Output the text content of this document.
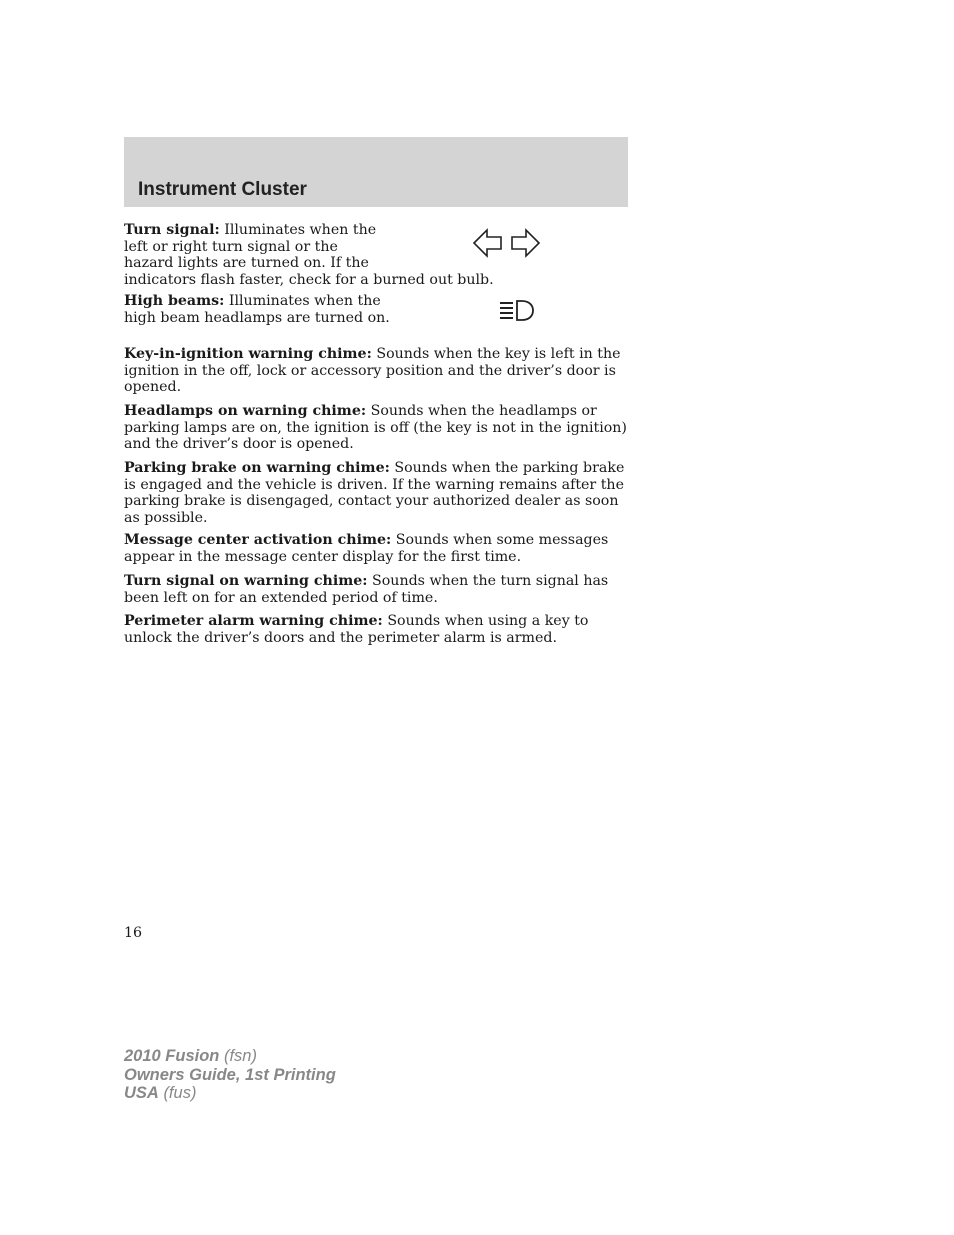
Instrument Cluster

Turn signal: Illuminates when the
left or right turn signal or the
hazard lights are turned on. If the
indicators flash faster, check for a burned out bulb.

High beams: Illuminates when the
high beam headlamps are turned on.

Key-in-ignition warning chime: Sounds when the key is left in the ignition in the off, lock or accessory position and the driver’s door is opened.

Headlamps on warning chime: Sounds when the headlamps or parking lamps are on, the ignition is off (the key is not in the ignition) and the driver’s door is opened.

Parking brake on warning chime: Sounds when the parking brake is engaged and the vehicle is driven. If the warning remains after the parking brake is disengaged, contact your authorized dealer as soon as possible.

Message center activation chime: Sounds when some messages appear in the message center display for the first time.

Turn signal on warning chime: Sounds when the turn signal has been left on for an extended period of time.

Perimeter alarm warning chime: Sounds when using a key to unlock the driver’s doors and the perimeter alarm is armed.

16

2010 Fusion (fsn)
Owners Guide, 1st Printing
USA (fus)
